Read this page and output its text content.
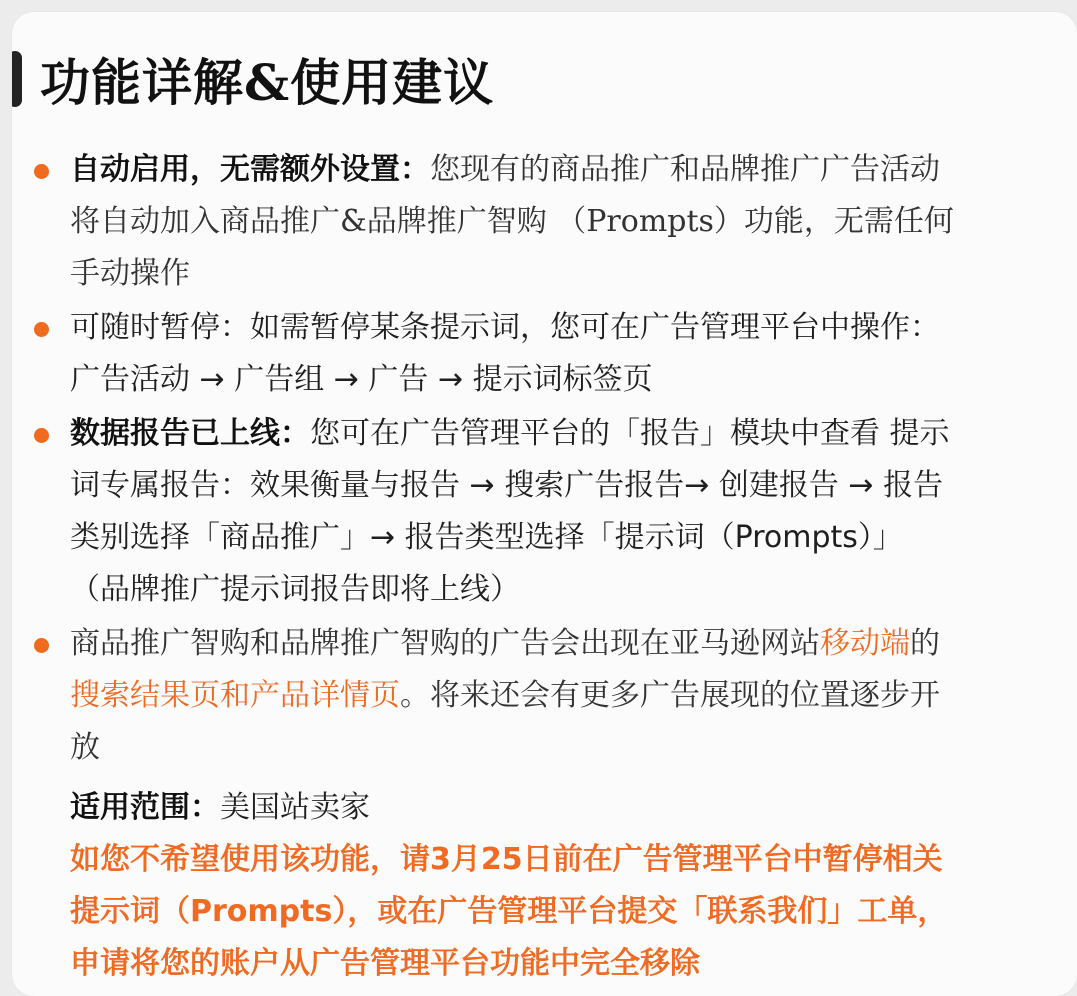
功能详解&使用建议
自动启用，无需额外设置：您现有的商品推广和品牌推广广告活动将自动加入商品推广&品牌推广智购 （Prompts）功能，无需任何手动操作
可随时暂停：如需暂停某条提示词，您可在广告管理平台中操作：广告活动 → 广告组 → 广告 → 提示词标签页
数据报告已上线：您可在广告管理平台的「报告」模块中查看 提示词专属报告：效果衡量与报告 → 搜索广告报告→ 创建报告 → 报告类别选择「商品推广」→ 报告类型选择「提示词（Prompts）」 （品牌推广提示词报告即将上线）
商品推广智购和品牌推广智购的广告会出现在亚马逊网站移动端的搜索结果页和产品详情页。将来还会有更多广告展现的位置逐步开放
适用范围：美国站卖家
如您不希望使用该功能，请3月25日前在广告管理平台中暂停相关提示词（Prompts），或在广告管理平台提交「联系我们」工单，申请将您的账户从广告管理平台功能中完全移除
